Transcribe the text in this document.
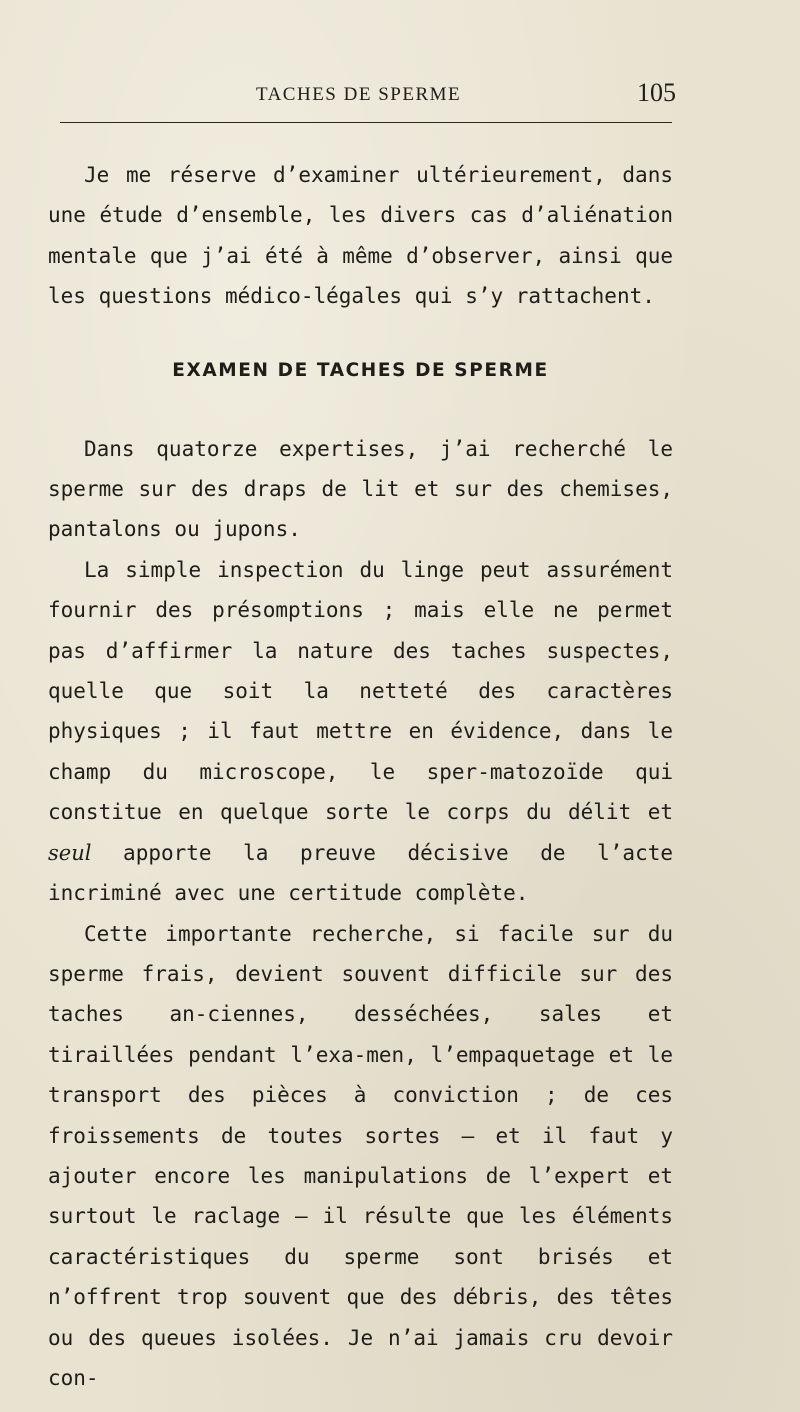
TACHES DE SPERME	105

Je me réserve d’examiner ultérieurement, dans une étude d’ensemble, les divers cas d’aliénation mentale que j’ai été à même d’observer, ainsi que les questions médico-légales qui s’y rattachent.

EXAMEN DE TACHES DE SPERME

Dans quatorze expertises, j’ai recherché le sperme sur des draps de lit et sur des chemises, pantalons ou jupons.

La simple inspection du linge peut assurément fournir des présomptions ; mais elle ne permet pas d’affirmer la nature des taches suspectes, quelle que soit la netteté des caractères physiques ; il faut mettre en évidence, dans le champ du microscope, le sper-matozoïde qui constitue en quelque sorte le corps du délit et seul apporte la preuve décisive de l’acte incriminé avec une certitude complète.

Cette importante recherche, si facile sur du sperme frais, devient souvent difficile sur des taches an-ciennes, desséchées, sales et tiraillées pendant l’exa-men, l’empaquetage et le transport des pièces à conviction ; de ces froissements de toutes sortes — et il faut y ajouter encore les manipulations de l’expert et surtout le raclage — il résulte que les éléments caractéristiques du sperme sont brisés et n’offrent trop souvent que des débris, des têtes ou des queues isolées. Je n’ai jamais cru devoir con-
